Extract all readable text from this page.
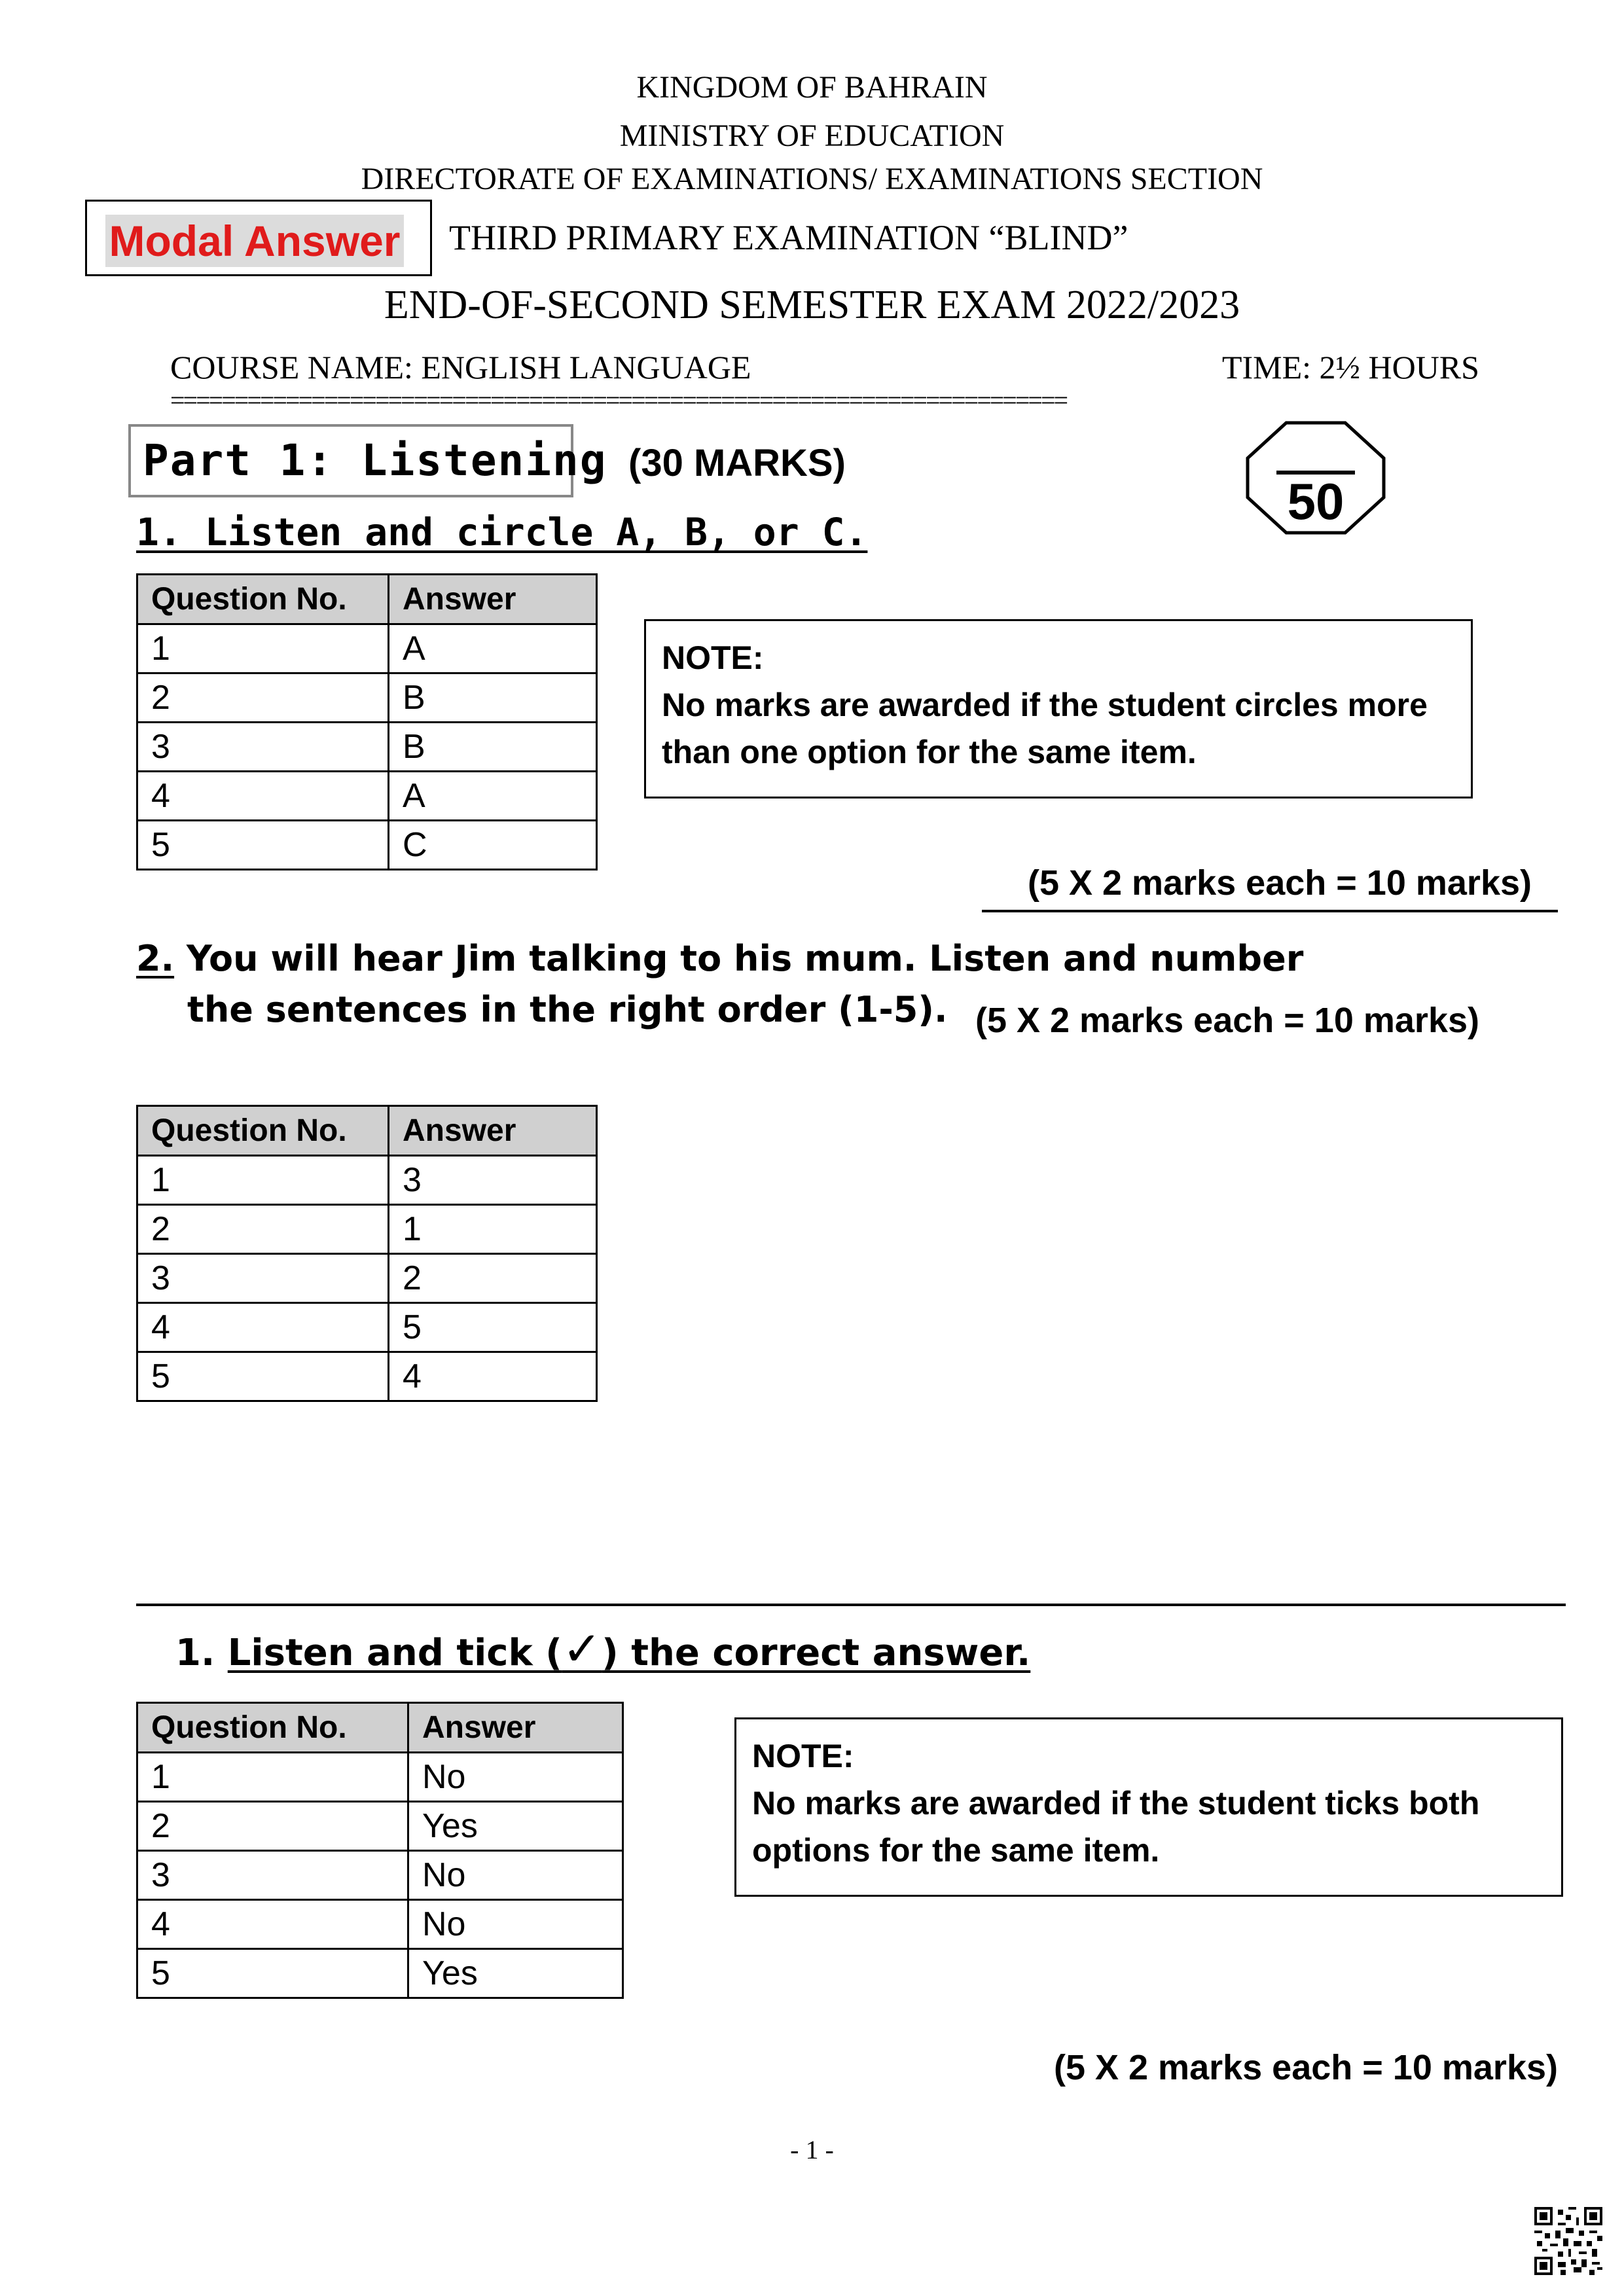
KINGDOM OF BAHRAIN
MINISTRY OF EDUCATION
DIRECTORATE OF EXAMINATIONS/ EXAMINATIONS SECTION
Modal Answer THIRD PRIMARY EXAMINATION “BLIND”
END-OF-SECOND SEMESTER EXAM 2022/2023
COURSE NAME: ENGLISH LANGUAGE	TIME: 2½ HOURS
======================================================================
Part 1: Listening (30 MARKS)
50
1. Listen and circle A, B, or C.
Question No.	Answer
1	A
2	B
3	B
4	A
5	C
NOTE:
No marks are awarded if the student circles more
than one option for the same item.
(5 X 2 marks each = 10 marks)
2. You will hear Jim talking to his mum. Listen and number
the sentences in the right order (1-5). (5 X 2 marks each = 10 marks)
Question No.	Answer
1	3
2	1
3	2
4	5
5	4
1. Listen and tick (✓) the correct answer.
Question No.	Answer
1	No
2	Yes
3	No
4	No
5	Yes
NOTE:
No marks are awarded if the student ticks both
options for the same item.
(5 X 2 marks each = 10 marks)
- 1 -
